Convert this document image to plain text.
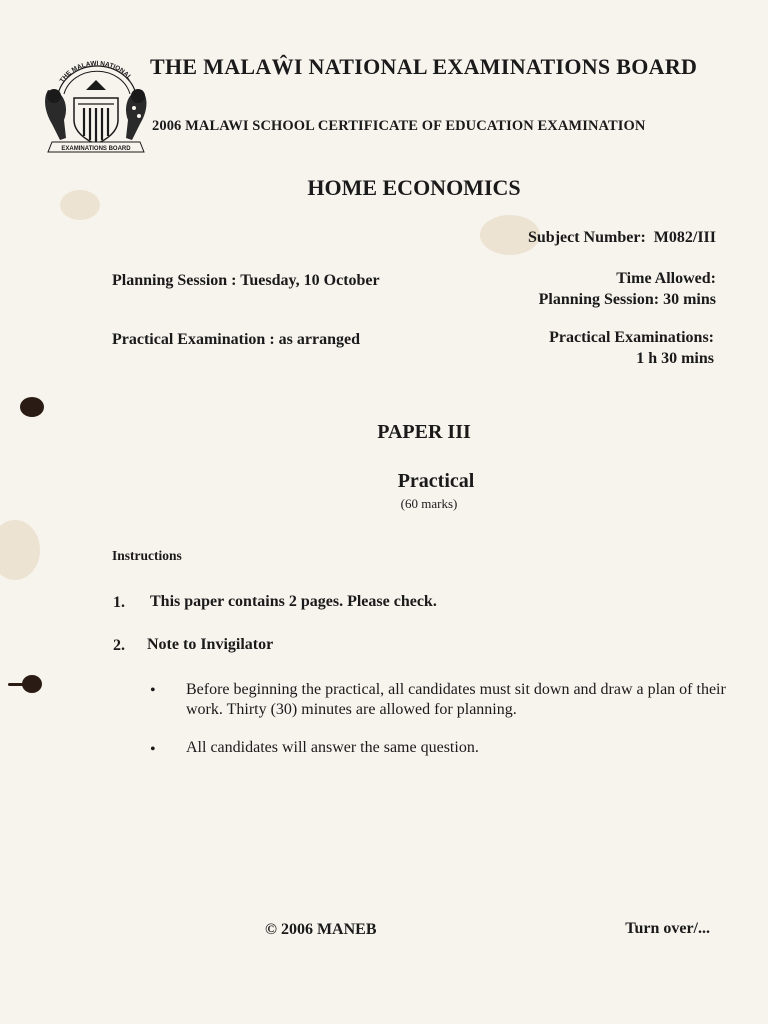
THE MALAWI NATIONAL
EXAMINATIONS BOARD
THE MALAŴI NATIONAL EXAMINATIONS BOARD
2006 MALAWI SCHOOL CERTIFICATE OF EDUCATION EXAMINATION
HOME ECONOMICS
Subject Number: M082/III
Planning Session : Tuesday, 10 October	Time Allowed:
Planning Session: 30 mins
Practical Examination : as arranged	Practical Examinations:
1 h 30 mins
PAPER III
Practical
(60 marks)
Instructions
1. This paper contains 2 pages. Please check.
2. Note to Invigilator
• Before beginning the practical, all candidates must sit down and draw a plan of their work. Thirty (30) minutes are allowed for planning.
• All candidates will answer the same question.
© 2006 MANEB	Turn over/...
